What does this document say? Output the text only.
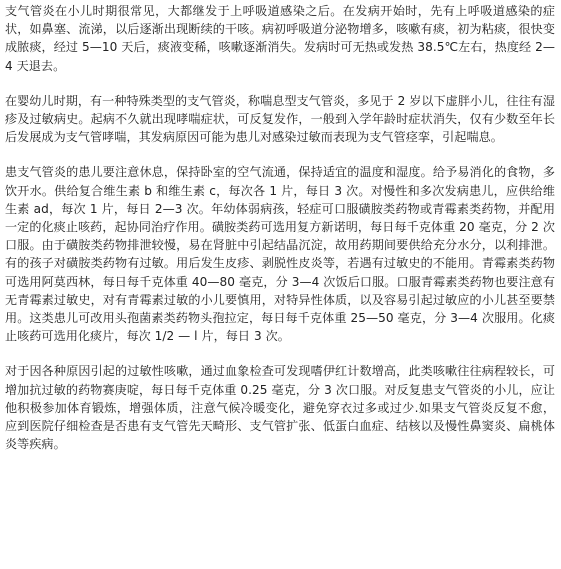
支气管炎在小儿时期很常见，大都继发于上呼吸道感染之后。在发病开始时，先有上呼吸道感染的症状，如鼻塞、流涕，以后逐渐出现断续的干咳。病初呼吸道分泌物增多，咳嗽有痰，初为粘痰，很快变成脓痰，经过 5—10 天后，痰液变稀，咳嗽逐渐消失。发病时可无热或发热 38.5℃左右，热度经 2—4 天退去。

在婴幼儿时期，有一种特殊类型的支气管炎，称喘息型支气管炎，多见于 2 岁以下虚胖小儿，往往有湿疹及过敏病史。起病不久就出现哮喘症状，可反复发作，一般到入学年龄时症状消失，仅有少数至年长后发展成为支气管哮喘，其发病原因可能为患儿对感染过敏而表现为支气管痉挛，引起喘息。

患支气管炎的患儿要注意休息，保持卧室的空气流通，保持适宜的温度和湿度。给予易消化的食物，多饮开水。供给复合维生素 b 和维生素 c，每次各 1 片，每日 3 次。对慢性和多次发病患儿，应供给维生素 ad，每次 1 片，每日 2—3 次。年幼体弱病孩，轻症可口服磺胺类药物或青霉素类药物，并配用一定的化痰止咳药，起协同治疗作用。磺胺类药可选用复方新诺明，每日每千克体重 20 毫克，分 2 次口服。由于磺胺类药物排泄较慢，易在肾脏中引起结晶沉淀，故用药期间要供给充分水分，以利排泄。有的孩子对磺胺类药物有过敏。用后发生皮疹、剥脱性皮炎等，若遇有过敏史的不能用。青霉素类药物可选用阿莫西林，每日每千克体重 40—80 毫克，分 3—4 次饭后口服。口服青霉素类药物也要注意有无青霉素过敏史，对有青霉素过敏的小儿要慎用，对特异性体质，以及容易引起过敏应的小儿甚至要禁用。这类患儿可改用头孢菌素类药物头孢拉定，每日每千克体重 25—50 毫克，分 3—4 次服用。化痰止咳药可选用化痰片，每次 1/2 — l 片，每日 3 次。

对于因各种原因引起的过敏性咳嗽，通过血象检查可发现嗜伊红计数增高，此类咳嗽往往病程较长，可增加抗过敏的药物赛庚啶，每日每千克体重 0.25 毫克，分 3 次口服。对反复患支气管炎的小儿，应让他积极参加体育锻炼，增强体质，注意气候冷暖变化，避免穿衣过多或过少.如果支气管炎反复不愈，应到医院仔细检查是否患有支气管先天畸形、支气管扩张、低蛋白血症、结核以及慢性鼻窦炎、扁桃体炎等疾病。
